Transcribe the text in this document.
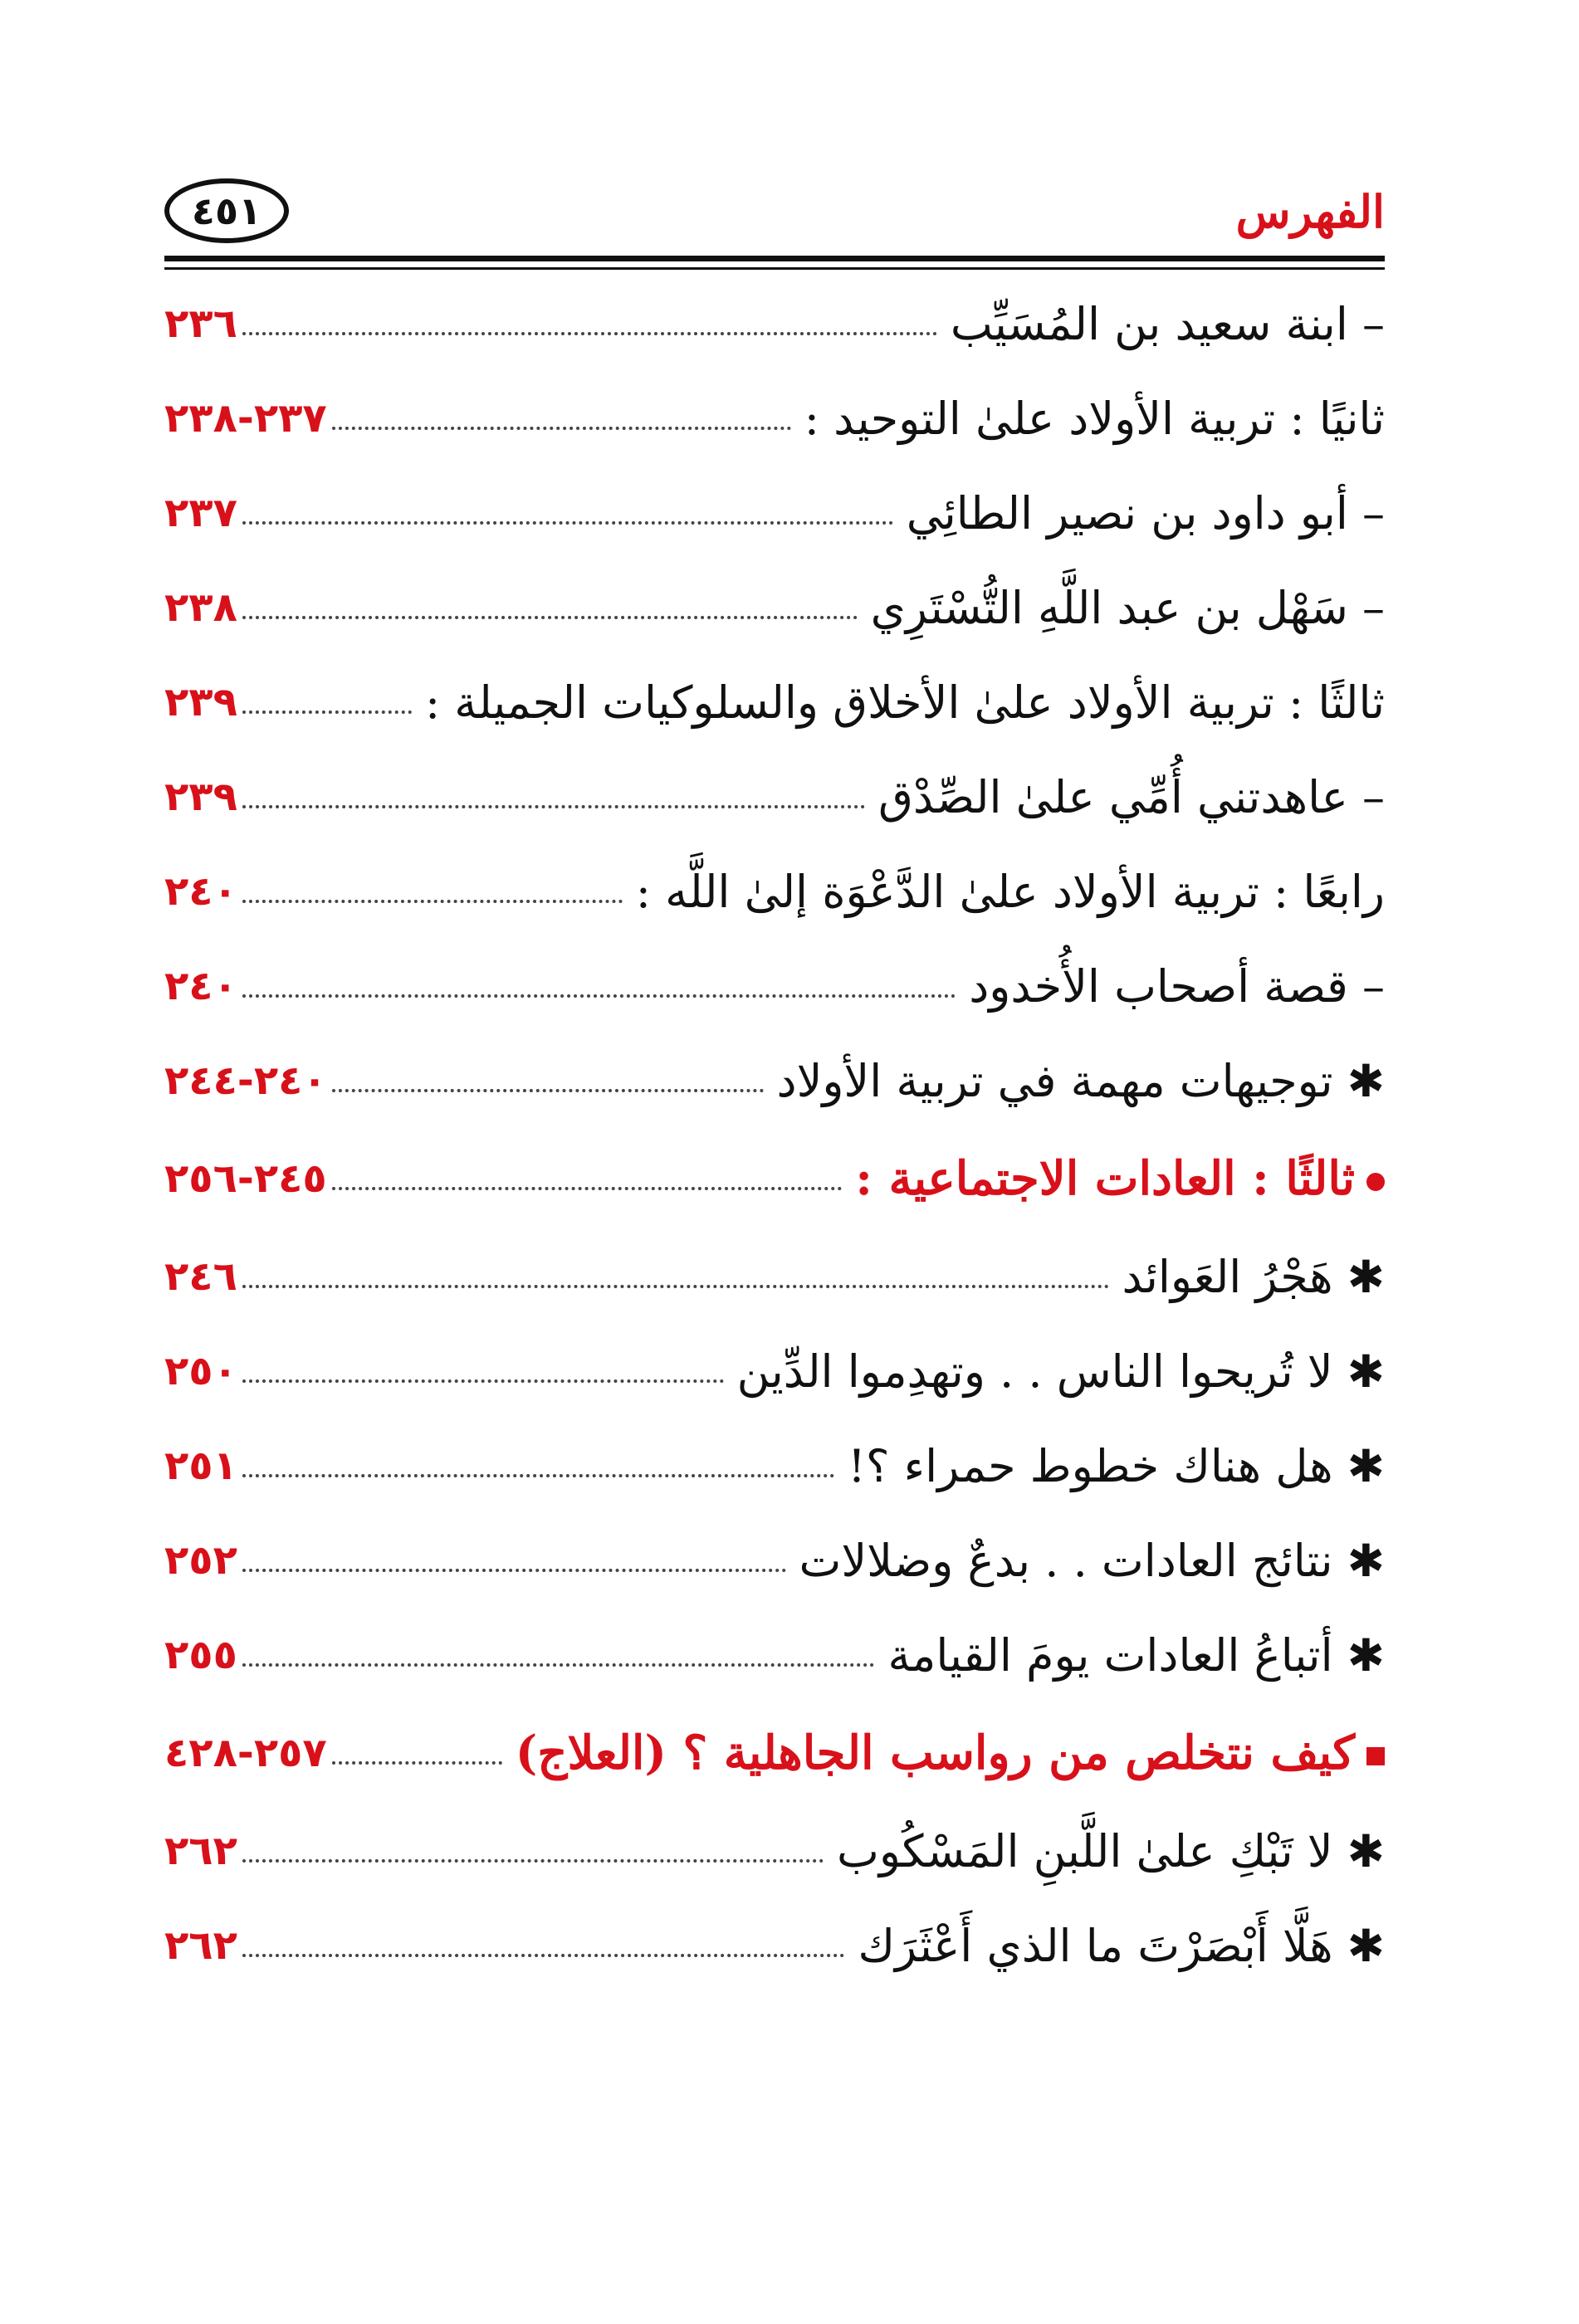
الفهرس
٤٥١
– ابنة سعيد بن المُسَيِّب
٢٣٦
ثانيًا : تربية الأولاد علىٰ التوحيد :
٢٣٧-٢٣٨
– أبو داود بن نصير الطائِي
٢٣٧
– سَهْل بن عبد اللَّهِ التُّسْتَرِي
٢٣٨
ثالثًا : تربية الأولاد علىٰ الأخلاق والسلوكيات الجميلة :
٢٣٩
– عاهدتني أُمِّي علىٰ الصِّدْق
٢٣٩
رابعًا : تربية الأولاد علىٰ الدَّعْوَة إلىٰ اللَّه :
٢٤٠
– قصة أصحاب الأُخدود
٢٤٠
✱ توجيهات مهمة في تربية الأولاد
٢٤٠-٢٤٤
ثالثًا : العادات الاجتماعية :
٢٤٥-٢٥٦
✱ هَجْرُ العَوائد
٢٤٦
✱ لا تُريحوا الناس . . وتهدِموا الدِّين
٢٥٠
✱ هل هناك خطوط حمراء ؟!
٢٥١
✱ نتائج العادات . . بدعٌ وضلالات
٢٥٢
✱ أتباعُ العادات يومَ القيامة
٢٥٥
كيف نتخلص من رواسب الجاهلية ؟ (العلاج)
٢٥٧-٤٢٨
✱ لا تَبْكِ علىٰ اللَّبنِ المَسْكُوب
٢٦٢
✱ هَلَّا أَبْصَرْتَ ما الذي أَعْثَرَك
٢٦٢
